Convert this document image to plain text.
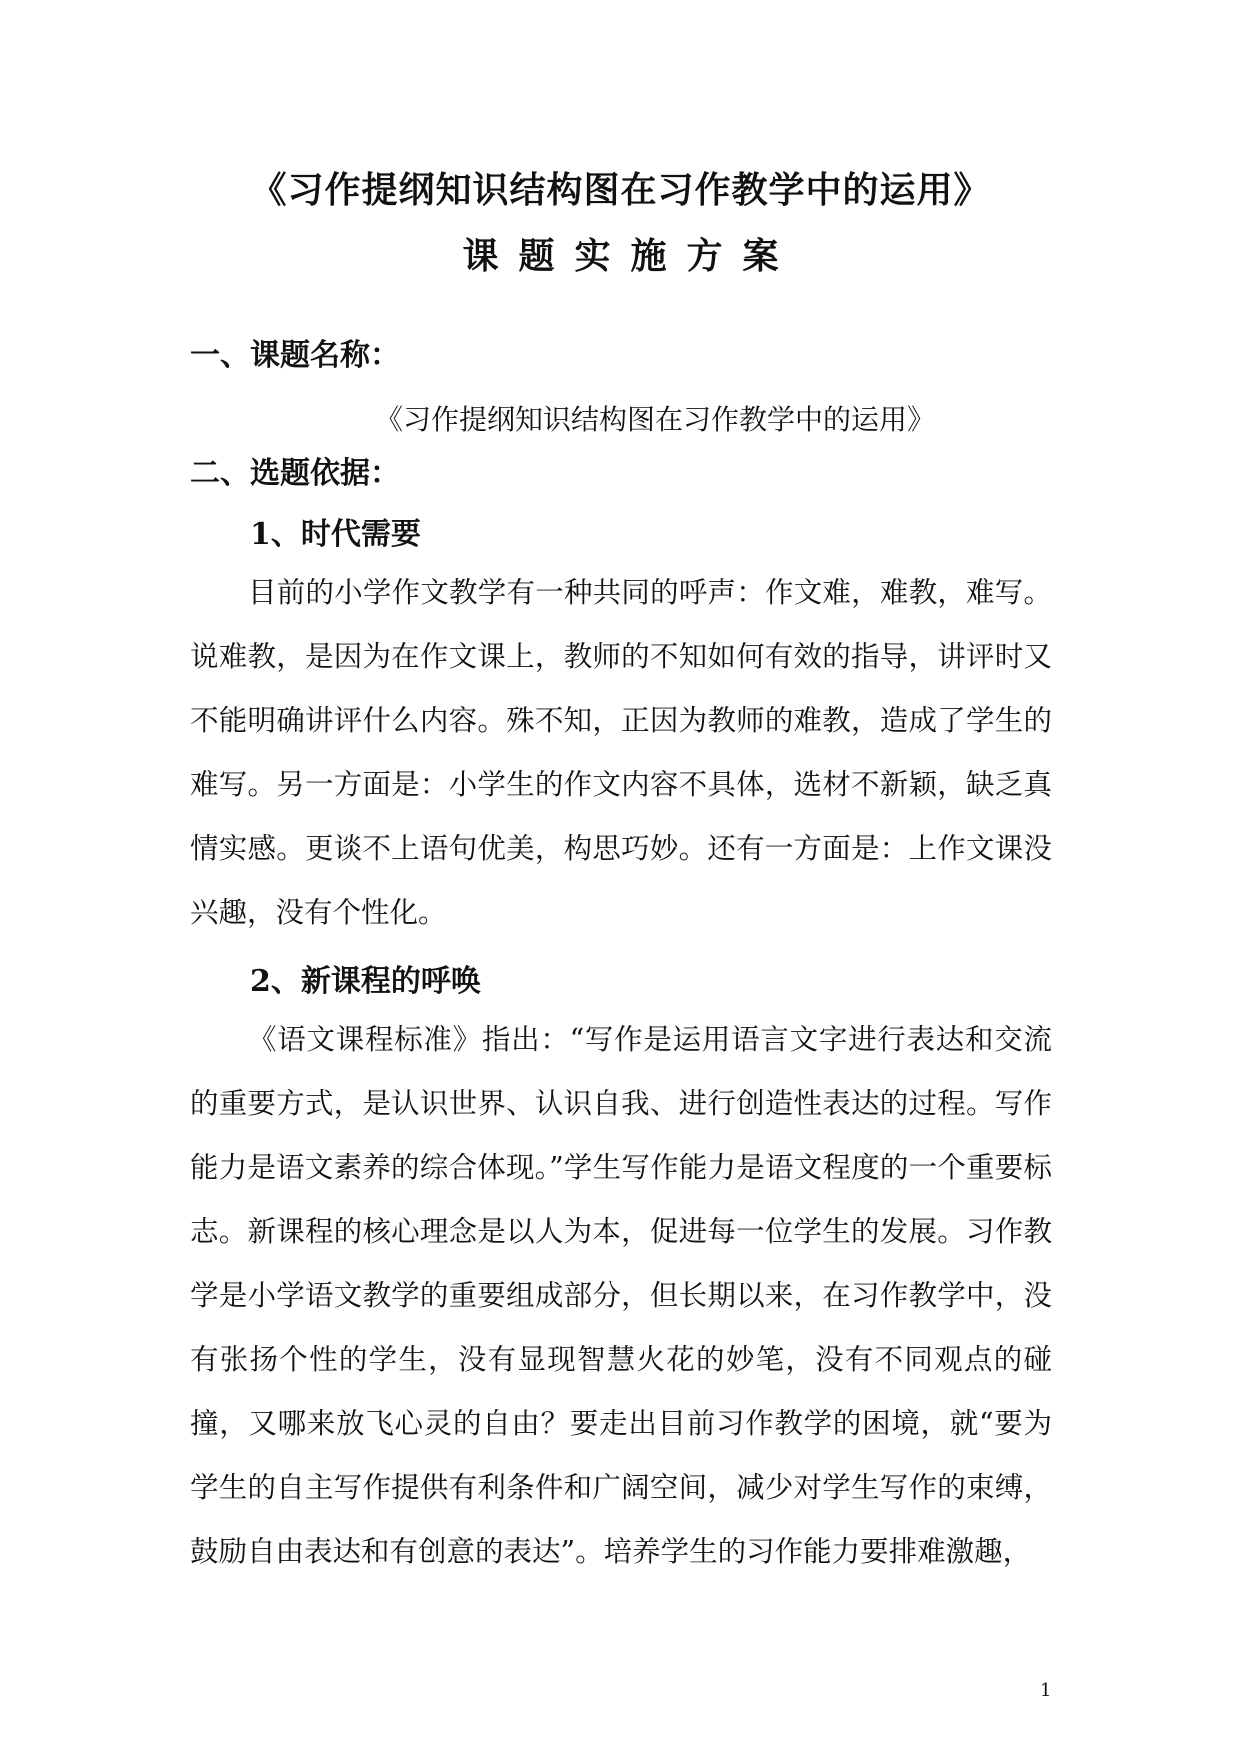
《习作提纲知识结构图在习作教学中的运用》
课题实施方案
一、课题名称：
《习作提纲知识结构图在习作教学中的运用》
二、选题依据：
1、时代需要

目前的小学作文教学有一种共同的呼声：作文难，难教，难写。说难教，是因为在作文课上，教师的不知如何有效的指导，讲评时又不能明确讲评什么内容。殊不知，正因为教师的难教，造成了学生的难写。另一方面是：小学生的作文内容不具体，选材不新颖，缺乏真情实感。更谈不上语句优美，构思巧妙。还有一方面是：上作文课没兴趣，没有个性化。

2、新课程的呼唤

《语文课程标准》指出：“写作是运用语言文字进行表达和交流的重要方式，是认识世界、认识自我、进行创造性表达的过程。写作能力是语文素养的综合体现。”学生写作能力是语文程度的一个重要标志。新课程的核心理念是以人为本，促进每一位学生的发展。习作教学是小学语文教学的重要组成部分，但长期以来，在习作教学中，没有张扬个性的学生，没有显现智慧火花的妙笔，没有不同观点的碰撞，又哪来放飞心灵的自由？要走出目前习作教学的困境，就“要为学生的自主写作提供有利条件和广阔空间，减少对学生写作的束缚，鼓励自由表达和有创意的表达”。培养学生的习作能力要排难激趣，

1
